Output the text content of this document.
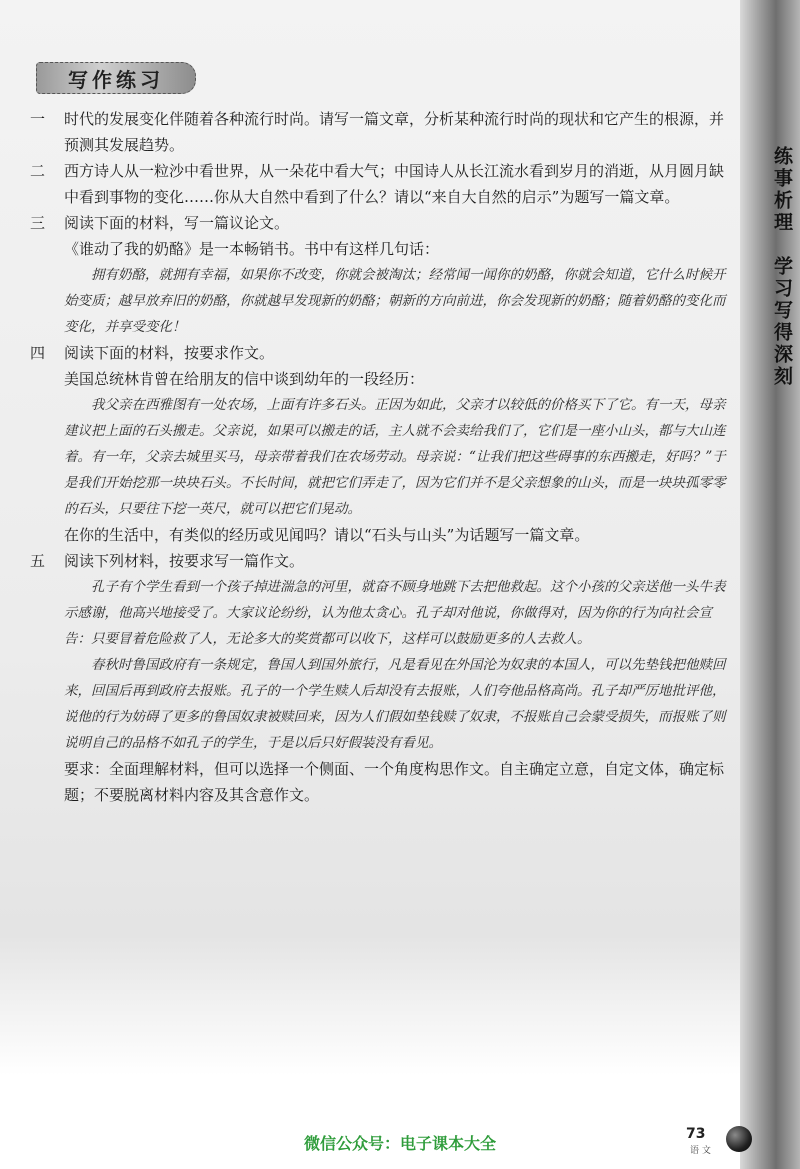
练事析理
学习写得深刻
写作练习
一	时代的发展变化伴随着各种流行时尚。请写一篇文章，分析某种流行时尚的现状和它产生的根源，并预测其发展趋势。

二	西方诗人从一粒沙中看世界，从一朵花中看大气；中国诗人从长江流水看到岁月的消逝，从月圆月缺中看到事物的变化……你从大自然中看到了什么？请以“来自大自然的启示”为题写一篇文章。

三	阅读下面的材料，写一篇议论文。

《谁动了我的奶酪》是一本畅销书。书中有这样几句话：

拥有奶酪，就拥有幸福，如果你不改变，你就会被淘汰；经常闻一闻你的奶酪，你就会知道，它什么时候开始变质；越早放弃旧的奶酪，你就越早发现新的奶酪；朝新的方向前进，你会发现新的奶酪；随着奶酪的变化而变化，并享受变化！

四	阅读下面的材料，按要求作文。

美国总统林肯曾在给朋友的信中谈到幼年的一段经历：

我父亲在西雅图有一处农场，上面有许多石头。正因为如此，父亲才以较低的价格买下了它。有一天，母亲建议把上面的石头搬走。父亲说，如果可以搬走的话，主人就不会卖给我们了，它们是一座小山头，都与大山连着。有一年，父亲去城里买马，母亲带着我们在农场劳动。母亲说：“让我们把这些碍事的东西搬走，好吗？”于是我们开始挖那一块块石头。不长时间，就把它们弄走了，因为它们并不是父亲想象的山头，而是一块块孤零零的石头，只要往下挖一英尺，就可以把它们晃动。

在你的生活中，有类似的经历或见闻吗？请以“石头与山头”为话题写一篇文章。

五	阅读下列材料，按要求写一篇作文。

孔子有个学生看到一个孩子掉进湍急的河里，就奋不顾身地跳下去把他救起。这个小孩的父亲送他一头牛表示感谢，他高兴地接受了。大家议论纷纷，认为他太贪心。孔子却对他说，你做得对，因为你的行为向社会宣告：只要冒着危险救了人，无论多大的奖赏都可以收下，这样可以鼓励更多的人去救人。

春秋时鲁国政府有一条规定，鲁国人到国外旅行，凡是看见在外国沦为奴隶的本国人，可以先垫钱把他赎回来，回国后再到政府去报账。孔子的一个学生赎人后却没有去报账，人们夸他品格高尚。孔子却严厉地批评他，说他的行为妨碍了更多的鲁国奴隶被赎回来，因为人们假如垫钱赎了奴隶，不报账自己会蒙受损失，而报账了则说明自己的品格不如孔子的学生，于是以后只好假装没有看见。

要求：全面理解材料，但可以选择一个侧面、一个角度构思作文。自主确定立意，自定文体，确定标题；不要脱离材料内容及其含意作文。

微信公众号：电子课本大全	73
语 文
